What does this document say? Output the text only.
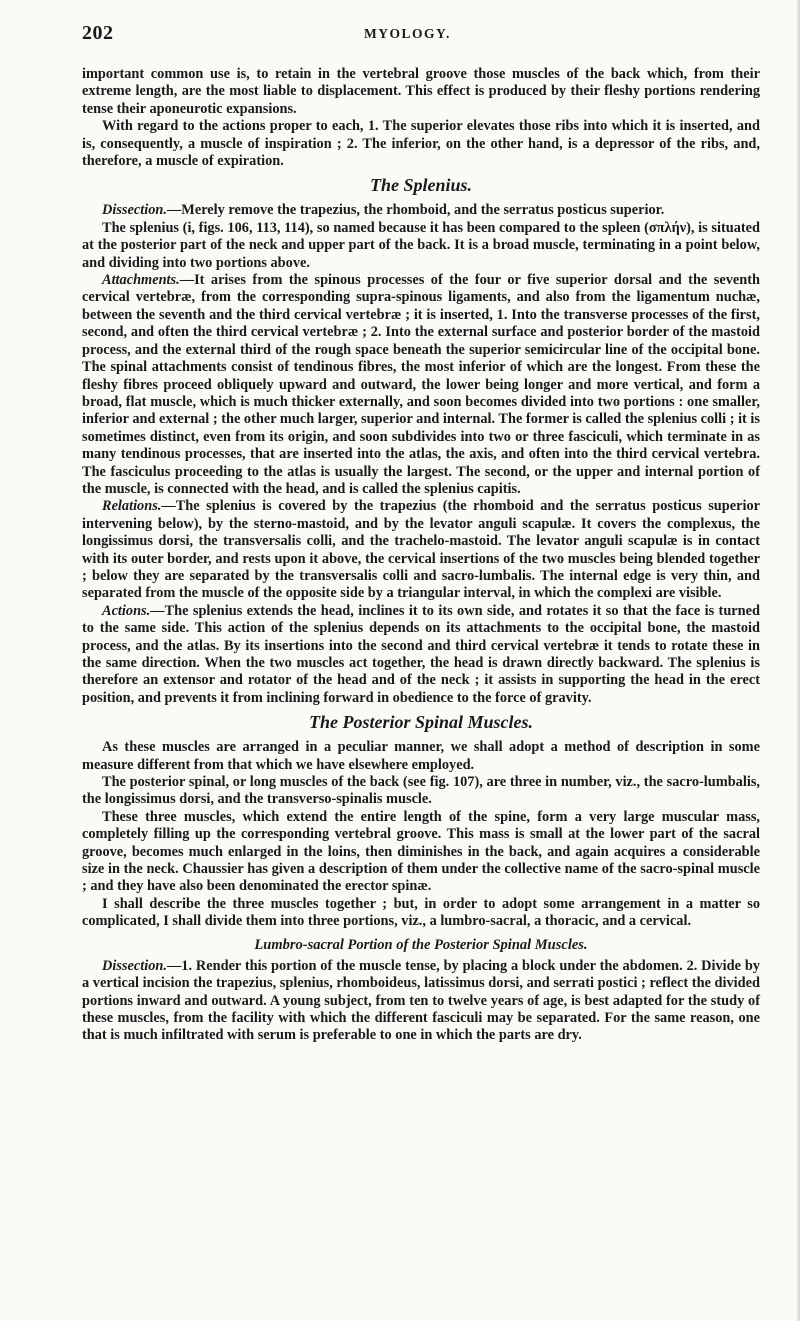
202	MYOLOGY.

important common use is, to retain in the vertebral groove those muscles of the back which, from their extreme length, are the most liable to displacement. This effect is produced by their fleshy portions rendering tense their aponeurotic expansions.

With regard to the actions proper to each, 1. The superior elevates those ribs into which it is inserted, and is, consequently, a muscle of inspiration ; 2. The inferior, on the other hand, is a depressor of the ribs, and, therefore, a muscle of expiration.

The Splenius.

Dissection.—Merely remove the trapezius, the rhomboid, and the serratus posticus superior.

The splenius (i, figs. 106, 113, 114), so named because it has been compared to the spleen (σπλήν), is situated at the posterior part of the neck and upper part of the back. It is a broad muscle, terminating in a point below, and dividing into two portions above.

Attachments.—It arises from the spinous processes of the four or five superior dorsal and the seventh cervical vertebræ, from the corresponding supra-spinous ligaments, and also from the ligamentum nuchæ, between the seventh and the third cervical vertebræ ; it is inserted, 1. Into the transverse processes of the first, second, and often the third cervical vertebræ ; 2. Into the external surface and posterior border of the mastoid process, and the external third of the rough space beneath the superior semicircular line of the occipital bone. The spinal attachments consist of tendinous fibres, the most inferior of which are the longest. From these the fleshy fibres proceed obliquely upward and outward, the lower being longer and more vertical, and form a broad, flat muscle, which is much thicker externally, and soon becomes divided into two portions : one smaller, inferior and external ; the other much larger, superior and internal. The former is called the splenius colli ; it is sometimes distinct, even from its origin, and soon subdivides into two or three fasciculi, which terminate in as many tendinous processes, that are inserted into the atlas, the axis, and often into the third cervical vertebra. The fasciculus proceeding to the atlas is usually the largest. The second, or the upper and internal portion of the muscle, is connected with the head, and is called the splenius capitis.

Relations.—The splenius is covered by the trapezius (the rhomboid and the serratus posticus superior intervening below), by the sterno-mastoid, and by the levator anguli scapulæ. It covers the complexus, the longissimus dorsi, the transversalis colli, and the trachelo-mastoid. The levator anguli scapulæ is in contact with its outer border, and rests upon it above, the cervical insertions of the two muscles being blended together ; below they are separated by the transversalis colli and sacro-lumbalis. The internal edge is very thin, and separated from the muscle of the opposite side by a triangular interval, in which the complexi are visible.

Actions.—The splenius extends the head, inclines it to its own side, and rotates it so that the face is turned to the same side. This action of the splenius depends on its attachments to the occipital bone, the mastoid process, and the atlas. By its insertions into the second and third cervical vertebræ it tends to rotate these in the same direction. When the two muscles act together, the head is drawn directly backward. The splenius is therefore an extensor and rotator of the head and of the neck ; it assists in supporting the head in the erect position, and prevents it from inclining forward in obedience to the force of gravity.

The Posterior Spinal Muscles.

As these muscles are arranged in a peculiar manner, we shall adopt a method of description in some measure different from that which we have elsewhere employed.

The posterior spinal, or long muscles of the back (see fig. 107), are three in number, viz., the sacro-lumbalis, the longissimus dorsi, and the transverso-spinalis muscle.

These three muscles, which extend the entire length of the spine, form a very large muscular mass, completely filling up the corresponding vertebral groove. This mass is small at the lower part of the sacral groove, becomes much enlarged in the loins, then diminishes in the back, and again acquires a considerable size in the neck. Chaussier has given a description of them under the collective name of the sacro-spinal muscle ; and they have also been denominated the erector spinæ.

I shall describe the three muscles together ; but, in order to adopt some arrangement in a matter so complicated, I shall divide them into three portions, viz., a lumbro-sacral, a thoracic, and a cervical.

Lumbro-sacral Portion of the Posterior Spinal Muscles.

Dissection.—1. Render this portion of the muscle tense, by placing a block under the abdomen. 2. Divide by a vertical incision the trapezius, splenius, rhomboideus, latissimus dorsi, and serrati postici ; reflect the divided portions inward and outward. A young subject, from ten to twelve years of age, is best adapted for the study of these muscles, from the facility with which the different fasciculi may be separated. For the same reason, one that is much infiltrated with serum is preferable to one in which the parts are dry.
